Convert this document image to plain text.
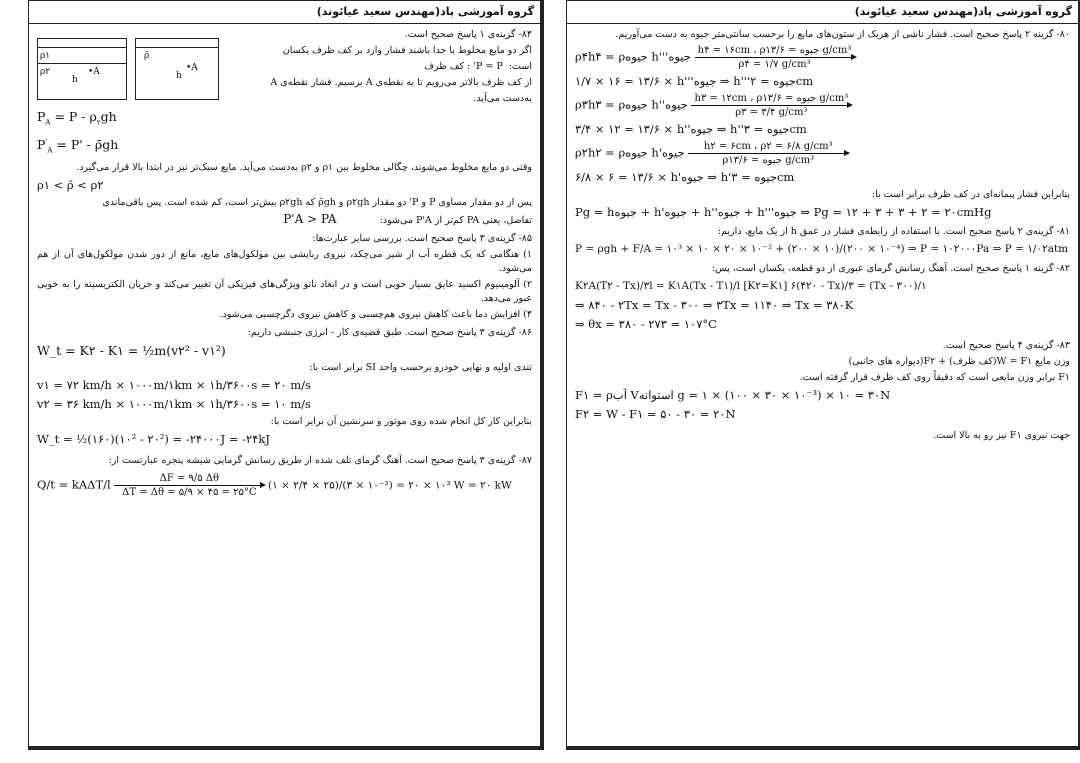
گروه آموزشی پاد(مهندس سعید غیائوند)
ρ۱
ρ۲
h
•A
ρ̄
h
•A

۸۴- گزینه‌ی ۱ پاسخ صحیح است.

اگر دو مایع مخلوط یا جدا باشند فشار وارد بر کف ظرف یکسان

است:  P = P' : کف ظرف

از کف ظرف بالاتر می‌رویم تا به نقطه‌ی A برسیم. فشار نقطه‌ی A

به‌دست می‌آید.

$P_A = P - \rho_۲gh$
$P'_A = P'$ - ρ̄gh

وقتی دو مایع مخلوط می‌شوند، چگالی مخلوط بین ρ۱ و ρ۲ به‌دست می‌آید. مایع سبک‌تر نیز در ابتدا بالا قرار می‌گیرد.

ρ۱ < ρ̄ < ρ۲

پس از دو مقدار مساوی P و P' دو مقدار ρ۲gh و ρ̄gh که ρ۲gh بیش‌تر است، کم شده است. پس باقی‌ماندی

تفاضل، یعنی PA کم‌تر از P'A می‌شود: P'A > PA

۸۵- گزینه‌ی ۳ پاسخ صحیح است. بررسی سایر عبارت‌ها:

۱) هنگامی که یک قطره آب از شیر می‌چکد، نیروی ربایشی بین مولکول‌های مایع، مانع از دور شدن مولکول‌های آن از هم می‌شود.

۲) آلومینیوم اکسید عایق بسیار خوبی است و در ابعاد نانو ویژگی‌های فیزیکی آن تغییر می‌کند و جریان الکتریسیته را به خوبی عبور می‌دهد.

۴) افزایش دما باعث کاهش نیروی هم‌چسبی و کاهش نیروی دگرچسبی می‌شود.

۸۶- گزینه‌ی ۳ پاسخ صحیح است. طبق قضیه‌ی کار - انرژی جنبشی داریم:

W_t = K۲ - K۱ = ½m(v۲² - v۱²)

تندی اولیه و نهایی خودرو برحسب واحد SI برابر است با:

v۱ = ۷۲ km/h × ۱۰۰۰m/۱km × ۱h/۳۶۰۰s = ۲۰ m/s
v۲ = ۳۶ km/h × ۱۰۰۰m/۱km × ۱h/۳۶۰۰s = ۱۰ m/s

بنابراین کار کل انجام شده روی موتور و سرنشین آن برابر است با:

W_t = ½(۱۶۰)(۱۰² - ۲۰²) = -۲۴۰۰۰J = -۲۴kJ

۸۷- گزینه‌ی ۳ پاسخ صحیح است. آهنگ گرمای تلف شده از طریق رسانش گرمایی شیشه پنجره عبارتست از:

$Q/t = kA\Delta T/l \frac{\Delta F = ۹/۵ \Delta\theta}{\Delta T = \Delta\theta = ۵/۹ \times ۴۵ = ۲۵^\circ C}$ (۱ × ۲/۴ × ۲۵)/(۳ × ۱۰⁻³) = ۲۰ × ۱۰³ W = ۲۰ kW
گروه آموزشی پاد(مهندس سعید غیائوند)

۸۰- گزینه ۲ پاسخ صحیح است. فشار ناشی از هریک از ستون‌های مایع را برحسب سانتی‌متر جیوه به دست می‌آوریم.

ρ۴h۴ = ρجیوه h'''جیوه h۴ = ۱۶cm ، ρجیوه = ۱۳/۶ g/cm³
ρ۴ = ۱/۷ g/cm³
۱/۷ × ۱۶ = ۱۳/۶ × h'''جیوه ⇒ h'''جیوه = ۲cm
ρ۳h۳ = ρجیوه h''جیوه h۳ = ۱۲cm ، ρجیوه = ۱۳/۶ g/cm³
ρ۳ = ۳/۴ g/cm³
۳/۴ × ۱۲ = ۱۳/۶ × h''جیوه ⇒ h''جیوه = ۳cm
ρ۲h۲ = ρجیوه h'جیوه h۲ = ۶cm ، ρ۲ = ۶/۸ g/cm³
ρجیوه = ۱۳/۶ g/cm³
۶/۸ × ۶ = ۱۳/۶ × h'جیوه ⇒ h'جیوه = ۳cm

بنابراین فشار پیمانه‌ای در کف ظرف برابر است با:

Pg = hجیوه + h'جیوه + h''جیوه + h'''جیوه ⇒ Pg = ۱۲ + ۳ + ۳ + ۲ = ۲۰cmHg

۸۱- گزینه‌ی ۲ پاسخ صحیح است. با استفاده از رابطه‌ی فشار در عمق h از یک مایع، داریم:

P = ρgh + F/A = ۱۰³ × ۱۰ × ۲۰ × ۱۰⁻² + (۲۰۰ × ۱۰)/(۲۰۰ × ۱۰⁻⁴) ⇒ P = ۱۰۲۰۰۰Pa ⇒ P = ۱/۰۲atm

۸۲- گزینه ۱ پاسخ صحیح است. آهنگ رسانش گرمای عبوری از دو قطعه، یکسان است، پس:

K۲A(T۲ - Tx)/۳l = K۱A(Tx - T۱)/l [K۲=K۱] ۶(۴۲۰ - Tx)/۳ = (Tx - ۳۰۰)/۱
⇒ ۸۴۰ - ۲Tx = Tx - ۳۰۰ ⇒ ۳Tx = ۱۱۴۰ ⇒ Tx = ۳۸۰K
⇒ θx = ۳۸۰ - ۲۷۳ = ۱۰۷°C

۸۳- گزینه‌ی ۴ پاسخ صحیح است.

وزن مایع W = F۱(کف ظرف) + F۲(دیواره های جانبی)

F۱ برابر وزن مایعی است که دقیقاً روی کف ظرف قرار گرفته است.

F۱ = ρآب Vاستوانه g = ۱ × (۱۰۰ × ۳۰ × ۱۰⁻³) × ۱۰ = ۳۰N
F۲ = W - F۱ = ۵۰ - ۳۰ = ۲۰N

جهت نیروی F۱ نیز رو به بالا است.
